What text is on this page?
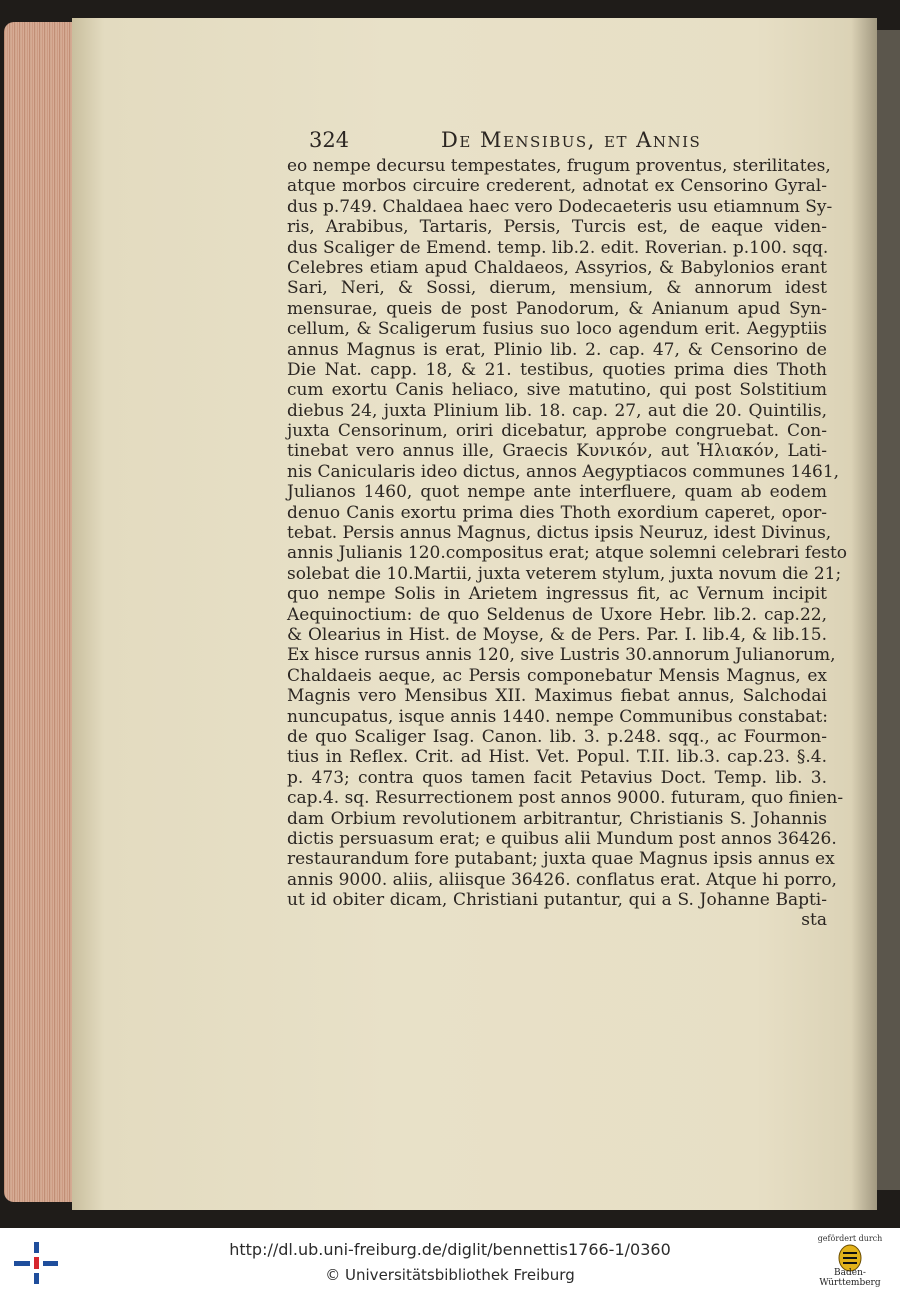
324	De Mensibus, et Annis
eo nempe decursu tempestates, frugum proventus, sterilitates,
atque morbos circuire crederent, adnotat ex Censorino Gyral-
dus p.749. Chaldaea haec vero Dodecaeteris usu etiamnum Sy-
ris, Arabibus, Tartaris, Persis, Turcis est, de eaque viden-
dus Scaliger de Emend. temp. lib.2. edit. Roverian. p.100. sqq.
Celebres etiam apud Chaldaeos, Assyrios, & Babylonios erant
Sari, Neri, & Sossi, dierum, mensium, & annorum idest
mensurae, queis de post Panodorum, & Anianum apud Syn-
cellum, & Scaligerum fusius suo loco agendum erit. Aegyptiis
annus Magnus is erat, Plinio lib. 2. cap. 47, & Censorino de
Die Nat. capp. 18, & 21. testibus, quoties prima dies Thoth
cum exortu Canis heliaco, sive matutino, qui post Solstitium
diebus 24, juxta Plinium lib. 18. cap. 27, aut die 20. Quintilis,
juxta Censorinum, oriri dicebatur, approbe congruebat. Con-
tinebat vero annus ille, Graecis Κυνικόν, aut Ἡλιακόν, Lati-
nis Canicularis ideo dictus, annos Aegyptiacos communes 1461,
Julianos 1460, quot nempe ante interfluere, quam ab eodem
denuo Canis exortu prima dies Thoth exordium caperet, opor-
tebat. Persis annus Magnus, dictus ipsis Neuruz, idest Divinus,
annis Julianis 120.compositus erat; atque solemni celebrari festo
solebat die 10.Martii, juxta veterem stylum, juxta novum die 21;
quo nempe Solis in Arietem ingressus fit, ac Vernum incipit
Aequinoctium: de quo Seldenus de Uxore Hebr. lib.2. cap.22,
& Olearius in Hist. de Moyse, & de Pers. Par. I. lib.4, & lib.15.
Ex hisce rursus annis 120, sive Lustris 30.annorum Julianorum,
Chaldaeis aeque, ac Persis componebatur Mensis Magnus, ex
Magnis vero Mensibus XII. Maximus fiebat annus, Salchodai
nuncupatus, isque annis 1440. nempe Communibus constabat:
de quo Scaliger Isag. Canon. lib. 3. p.248. sqq., ac Fourmon-
tius in Reflex. Crit. ad Hist. Vet. Popul. T.II. lib.3. cap.23. §.4.
p. 473; contra quos tamen facit Petavius Doct. Temp. lib. 3.
cap.4. sq. Resurrectionem post annos 9000. futuram, quo finien-
dam Orbium revolutionem arbitrantur, Christianis S. Johannis
dictis persuasum erat; e quibus alii Mundum post annos 36426.
restaurandum fore putabant; juxta quae Magnus ipsis annus ex
annis 9000. aliis, aliisque 36426. conflatus erat. Atque hi porro,
ut id obiter dicam, Christiani putantur, qui a S. Johanne Bapti-
sta
http://dl.ub.uni-freiburg.de/diglit/bennettis1766-1/0360
© Universitätsbibliothek Freiburg
gefördert durch
Baden-Württemberg
